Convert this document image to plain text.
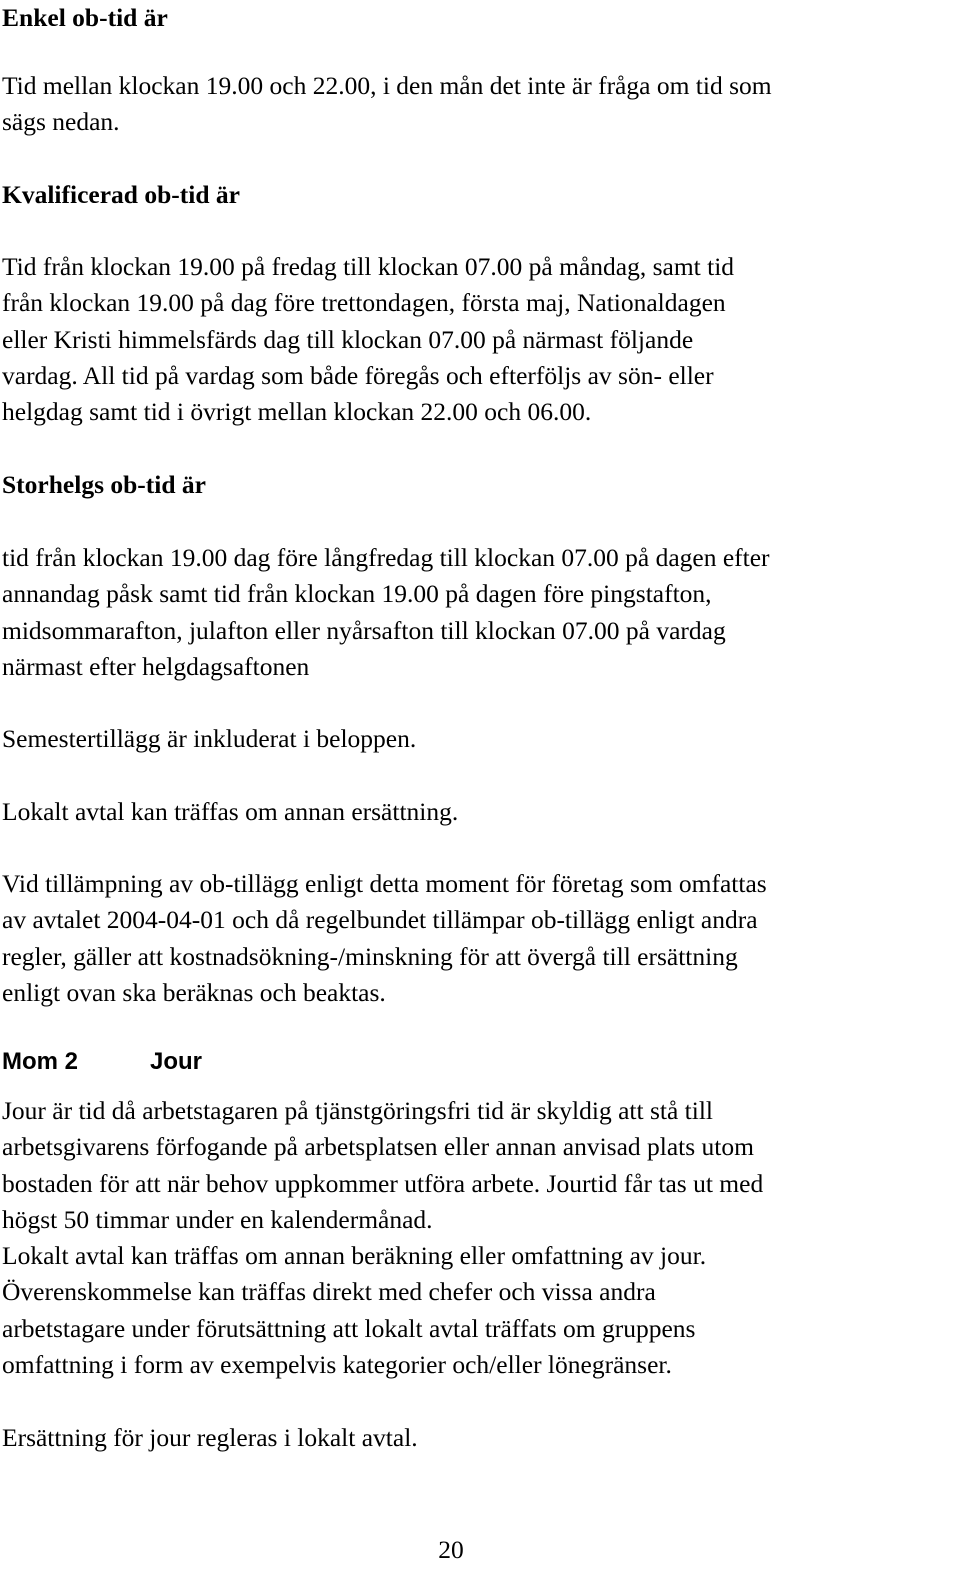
Enkel ob-tid är
Tid mellan klockan 19.00 och 22.00, i den mån det inte är fråga om tid som
sägs nedan.
Kvalificerad ob-tid är
Tid från klockan 19.00 på fredag till klockan 07.00 på måndag, samt tid
från klockan 19.00 på dag före trettondagen, första maj, Nationaldagen
eller Kristi himmelsfärds dag till klockan 07.00 på närmast följande
vardag. All tid på vardag som både föregås och efterföljs av sön- eller
helgdag samt tid i övrigt mellan klockan 22.00 och 06.00.
Storhelgs ob-tid är
tid från klockan 19.00 dag före långfredag till klockan 07.00 på dagen efter
annandag påsk samt tid från klockan 19.00 på dagen före pingstafton,
midsommarafton, julafton eller nyårsafton till klockan 07.00 på vardag
närmast efter helgdagsaftonen
Semestertillägg är inkluderat i beloppen.
Lokalt avtal kan träffas om annan ersättning.
Vid tillämpning av ob-tillägg enligt detta moment för företag som omfattas
av avtalet 2004-04-01 och då regelbundet tillämpar ob-tillägg enligt andra
regler, gäller att kostnadsökning-/minskning för att övergå till ersättning
enligt ovan ska beräknas och beaktas.
Mom 2	Jour
Jour är tid då arbetstagaren på tjänstgöringsfri tid är skyldig att stå till
arbetsgivarens förfogande på arbetsplatsen eller annan anvisad plats utom
bostaden för att när behov uppkommer utföra arbete. Jourtid får tas ut med
högst 50 timmar under en kalendermånad.
Lokalt avtal kan träffas om annan beräkning eller omfattning av jour.
Överenskommelse kan träffas direkt med chefer och vissa andra
arbetstagare under förutsättning att lokalt avtal träffats om gruppens
omfattning i form av exempelvis kategorier och/eller lönegränser.
Ersättning för jour regleras i lokalt avtal.
20
